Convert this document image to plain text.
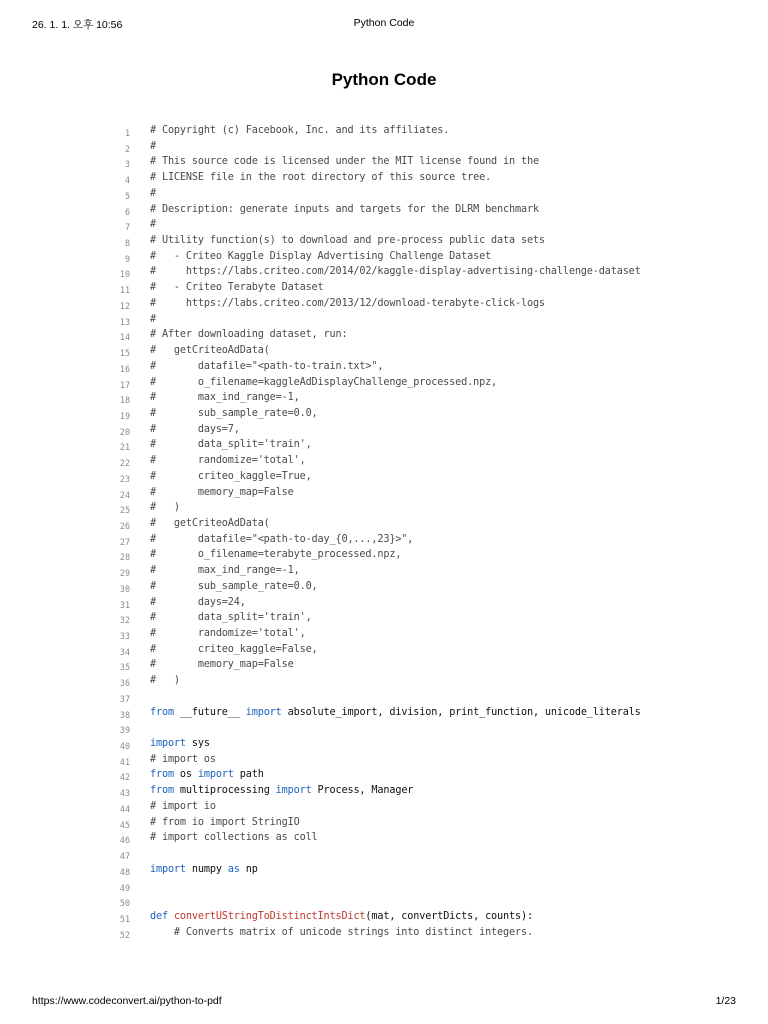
26. 1. 1. 오후 10:56	Python Code
Python Code
1 # Copyright (c) Facebook, Inc. and its affiliates.
2 #
3 # This source code is licensed under the MIT license found in the
4 # LICENSE file in the root directory of this source tree.
5 #
6 # Description: generate inputs and targets for the DLRM benchmark
7 #
8 # Utility function(s) to download and pre-process public data sets
9 #   - Criteo Kaggle Display Advertising Challenge Dataset
10 #     https://labs.criteo.com/2014/02/kaggle-display-advertising-challenge-dataset
11 #   - Criteo Terabyte Dataset
12 #     https://labs.criteo.com/2013/12/download-terabyte-click-logs
13 #
14 # After downloading dataset, run:
15 #   getCriteoAdData(
16 #       datafile="<path-to-train.txt>",
17 #       o_filename=kaggleAdDisplayChallenge_processed.npz,
18 #       max_ind_range=-1,
19 #       sub_sample_rate=0.0,
20 #       days=7,
21 #       data_split='train',
22 #       randomize='total',
23 #       criteo_kaggle=True,
24 #       memory_map=False
25 #   )
26 #   getCriteoAdData(
27 #       datafile="<path-to-day_{0,...,23}>",
28 #       o_filename=terabyte_processed.npz,
29 #       max_ind_range=-1,
30 #       sub_sample_rate=0.0,
31 #       days=24,
32 #       data_split='train',
33 #       randomize='total',
34 #       criteo_kaggle=False,
35 #       memory_map=False
36 #   )
37
38 from __future__ import absolute_import, division, print_function, unicode_literals
39
40 import sys
41 # import os
42 from os import path
43 from multiprocessing import Process, Manager
44 # import io
45 # from io import StringIO
46 # import collections as coll
47
48 import numpy as np
49
50
51 def convertUStringToDistinctIntsDict(mat, convertDicts, counts):
52 # Converts matrix of unicode strings into distinct integers.
https://www.codeconvert.ai/python-to-pdf	1/23
